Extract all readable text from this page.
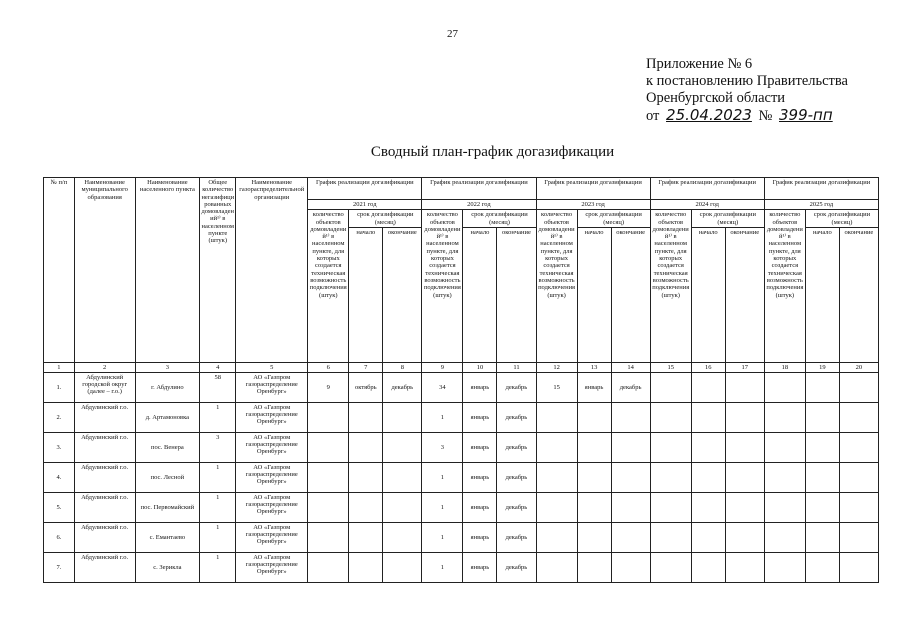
27
Приложение № 6
к постановлению Правительства
Оренбургской области
от 25.04.2023 № 399-пп
Сводный план-график догазификации
№ п/п	Наименование муниципального образования	Наименование населенного пункта	Общее количество негазифицированных домовладений¹⁾ в населенном пункте (штук)	Наименование газораспределительной организации	График реализации догазификации			График реализации догазификации			График реализации догазификации			График реализации догазификации			График реализации догазификации		
					2021 год			2022 год			2023 год			2024 год			2025 год		
					количество объектов домовладений¹⁾ в населенном пункте, для которых создается техническая возможность подключения (штук)	срок догазификации (месяц)		количество объектов домовладений¹⁾ в населенном пункте, для которых создается техническая возможность подключения (штук)	срок догазификации (месяц)		количество объектов домовладений¹⁾ в населенном пункте, для которых создается техническая возможность подключения (штук)	срок догазификации (месяц)		количество объектов домовладений¹⁾ в населенном пункте, для которых создается техническая возможность подключения (штук)	срок догазификации (месяц)		количество объектов домовладений¹⁾ в населенном пункте, для которых создается техническая возможность подключения (штук)	срок догазификации (месяц)	
						начало	окончание		начало	окончание		начало	окончание		начало	окончание		начало	окончание
1	2	3	4	5	6	7	8	9	10	11	12	13	14	15	16	17	18	19	20
1.	Абдулинский городской округ (далее – г.о.)	г. Абдулино	58	АО «Газпром газораспределение Оренбург»	9	октябрь	декабрь	34	январь	декабрь	15	январь	декабрь						
2.	Абдулинский г.о.	д. Артамоновка	1	АО «Газпром газораспределение Оренбург»				1	январь	декабрь									
3.	Абдулинский г.о.	пос. Венера	3	АО «Газпром газораспределение Оренбург»				3	январь	декабрь									
4.	Абдулинский г.о.	пос. Лесной	1	АО «Газпром газораспределение Оренбург»				1	январь	декабрь									
5.	Абдулинский г.о.	пос. Первомайский	1	АО «Газпром газораспределение Оренбург»				1	январь	декабрь									
6.	Абдулинский г.о.	с. Емантаево	1	АО «Газпром газораспределение Оренбург»				1	январь	декабрь									
7.	Абдулинский г.о.	с. Зерикла	1	АО «Газпром газораспределение Оренбург»				1	январь	декабрь									
